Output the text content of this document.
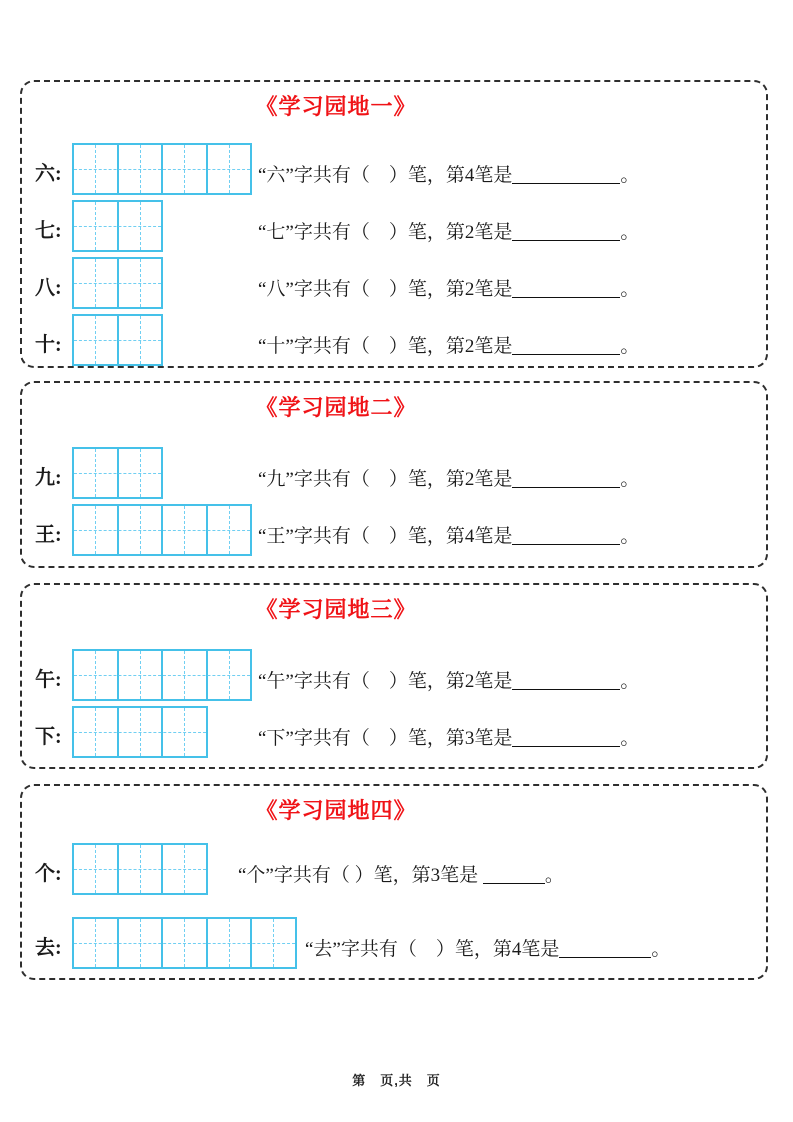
《学习园地一》
六:	“六”字共有（　）笔，第4笔是	。

七:	“七”字共有（　）笔，第2笔是	。

八:	“八”字共有（　）笔，第2笔是	。

十:	“十”字共有（　）笔，第2笔是	。

《学习园地二》
九:	“九”字共有（　）笔，第2笔是	。

王:	“王”字共有（　）笔，第4笔是	。

《学习园地三》
午:	“午”字共有（　）笔，第2笔是	。

下:	“下”字共有（　）笔，第3笔是	。

《学习园地四》
个:	“个”字共有（ ）笔，第3笔是	。

去:	“去”字共有（　）笔，第4笔是	。

第　页,共　页
